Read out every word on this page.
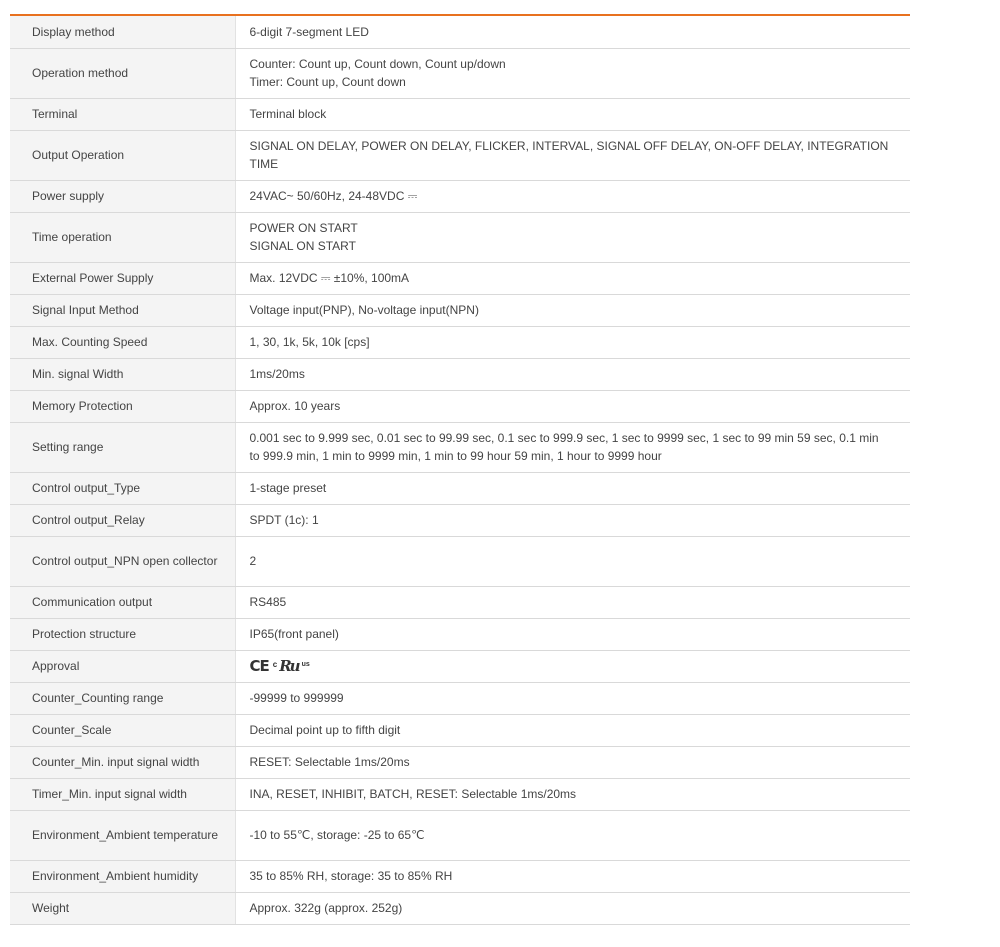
Display method	6-digit 7-segment LED
Operation method	Counter: Count up, Count down, Count up/down
Timer: Count up, Count down

Terminal	Terminal block
Output Operation	SIGNAL ON DELAY, POWER ON DELAY, FLICKER, INTERVAL, SIGNAL OFF DELAY, ON-OFF DELAY, INTEGRATION TIME
Power supply	24VAC~ 50/60Hz, 24-48VDC ⎓
Time operation	POWER ON START
SIGNAL ON START

External Power Supply	Max. 12VDC ⎓ ±10%, 100mA
Signal Input Method	Voltage input(PNP), No-voltage input(NPN)
Max. Counting Speed	1, 30, 1k, 5k, 10k [cps]
Min. signal Width	1ms/20ms
Memory Protection	Approx. 10 years
Setting range	0.001 sec to 9.999 sec, 0.01 sec to 99.99 sec, 0.1 sec to 999.9 sec, 1 sec to 9999 sec, 1 sec to 99 min 59 sec, 0.1 min to 999.9 min, 1 min to 9999 min, 1 min to 99 hour 59 min, 1 hour to 9999 hour
Control output_Type	1-stage preset
Control output_Relay	SPDT (1c): 1
Control output_NPN open collector	2
Communication output	RS485
Protection structure	IP65(front panel)
Approval	CE c Ru us

Counter_Counting range	-99999 to 999999
Counter_Scale	Decimal point up to fifth digit
Counter_Min. input signal width	RESET: Selectable 1ms/20ms
Timer_Min. input signal width	INA, RESET, INHIBIT, BATCH, RESET: Selectable 1ms/20ms
Environment_Ambient temperature	-10 to 55℃, storage: -25 to 65℃
Environment_Ambient humidity	35 to 85% RH, storage: 35 to 85% RH
Weight	Approx. 322g (approx. 252g)
